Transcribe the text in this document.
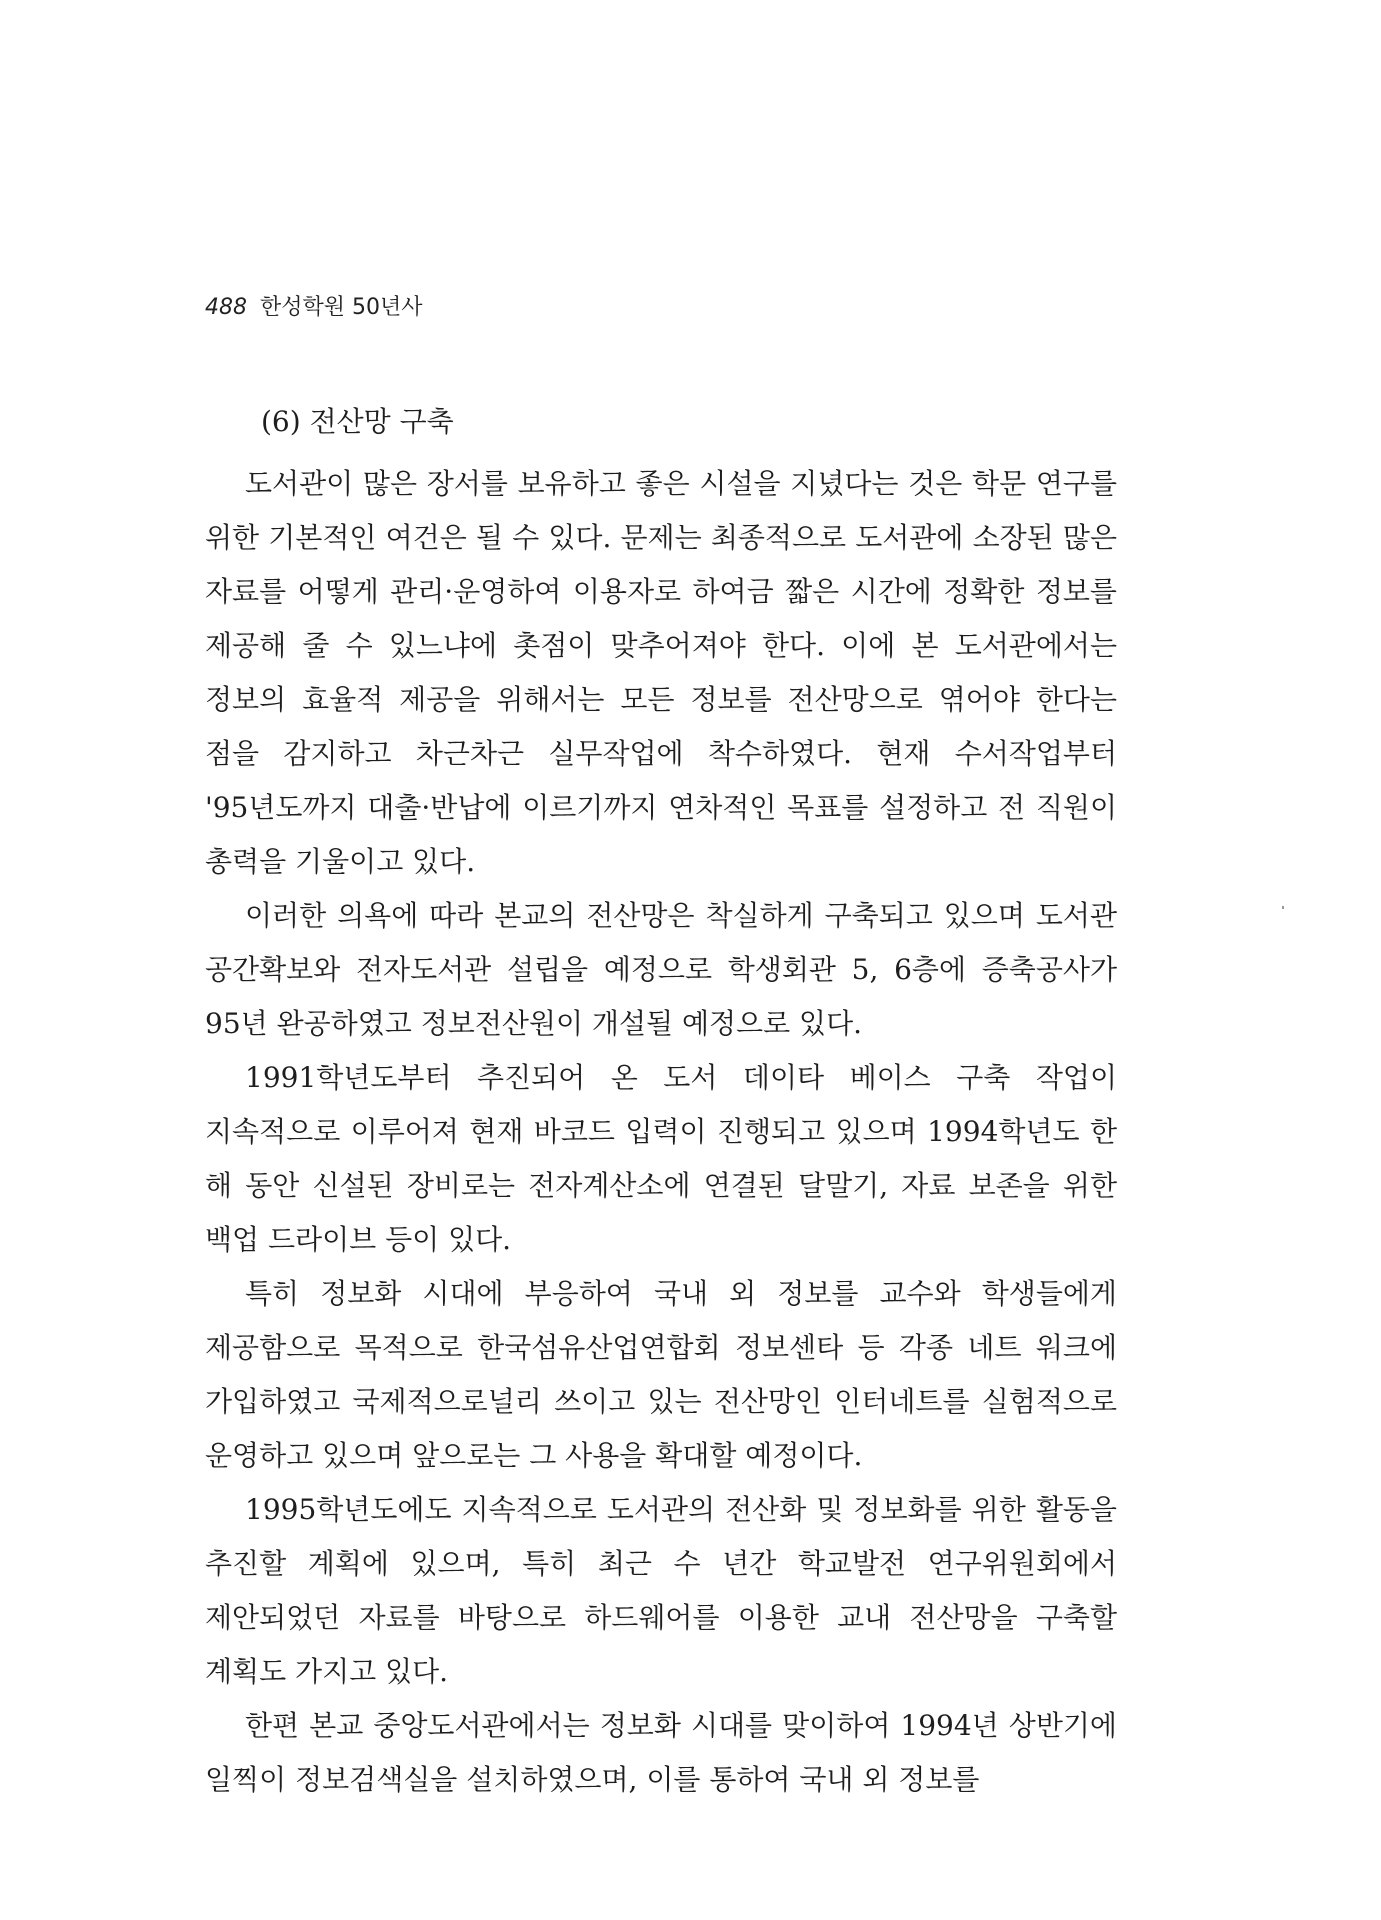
488 한성학원 50년사
(6) 전산망 구축

도서관이 많은 장서를 보유하고 좋은 시설을 지녔다는 것은 학문 연구를 위한 기본적인 여건은 될 수 있다. 문제는 최종적으로 도서관에 소장된 많은 자료를 어떻게 관리·운영하여 이용자로 하여금 짧은 시간에 정확한 정보를 제공해 줄 수 있느냐에 촛점이 맞추어져야 한다. 이에 본 도서관에서는 정보의 효율적 제공을 위해서는 모든 정보를 전산망으로 엮어야 한다는 점을 감지하고 차근차근 실무작업에 착수하였다. 현재 수서작업부터 '95년도까지 대출·반납에 이르기까지 연차적인 목표를 설정하고 전 직원이 총력을 기울이고 있다.

이러한 의욕에 따라 본교의 전산망은 착실하게 구축되고 있으며 도서관 공간확보와 전자도서관 설립을 예정으로 학생회관 5, 6층에 증축공사가 95년 완공하였고 정보전산원이 개설될 예정으로 있다.

1991학년도부터 추진되어 온 도서 데이타 베이스 구축 작업이 지속적으로 이루어져 현재 바코드 입력이 진행되고 있으며 1994학년도 한 해 동안 신설된 장비로는 전자계산소에 연결된 달말기, 자료 보존을 위한 백업 드라이브 등이 있다.

특히 정보화 시대에 부응하여 국내 외 정보를 교수와 학생들에게 제공함으로 목적으로 한국섬유산업연합회 정보센타 등 각종 네트 워크에 가입하였고 국제적으로널리 쓰이고 있는 전산망인 인터네트를 실험적으로 운영하고 있으며 앞으로는 그 사용을 확대할 예정이다.

1995학년도에도 지속적으로 도서관의 전산화 및 정보화를 위한 활동을 추진할 계획에 있으며, 특히 최근 수 년간 학교발전 연구위원회에서 제안되었던 자료를 바탕으로 하드웨어를 이용한 교내 전산망을 구축할 계획도 가지고 있다.

한편 본교 중앙도서관에서는 정보화 시대를 맞이하여 1994년 상반기에 일찍이 정보검색실을 설치하였으며, 이를 통하여 국내 외 정보를
